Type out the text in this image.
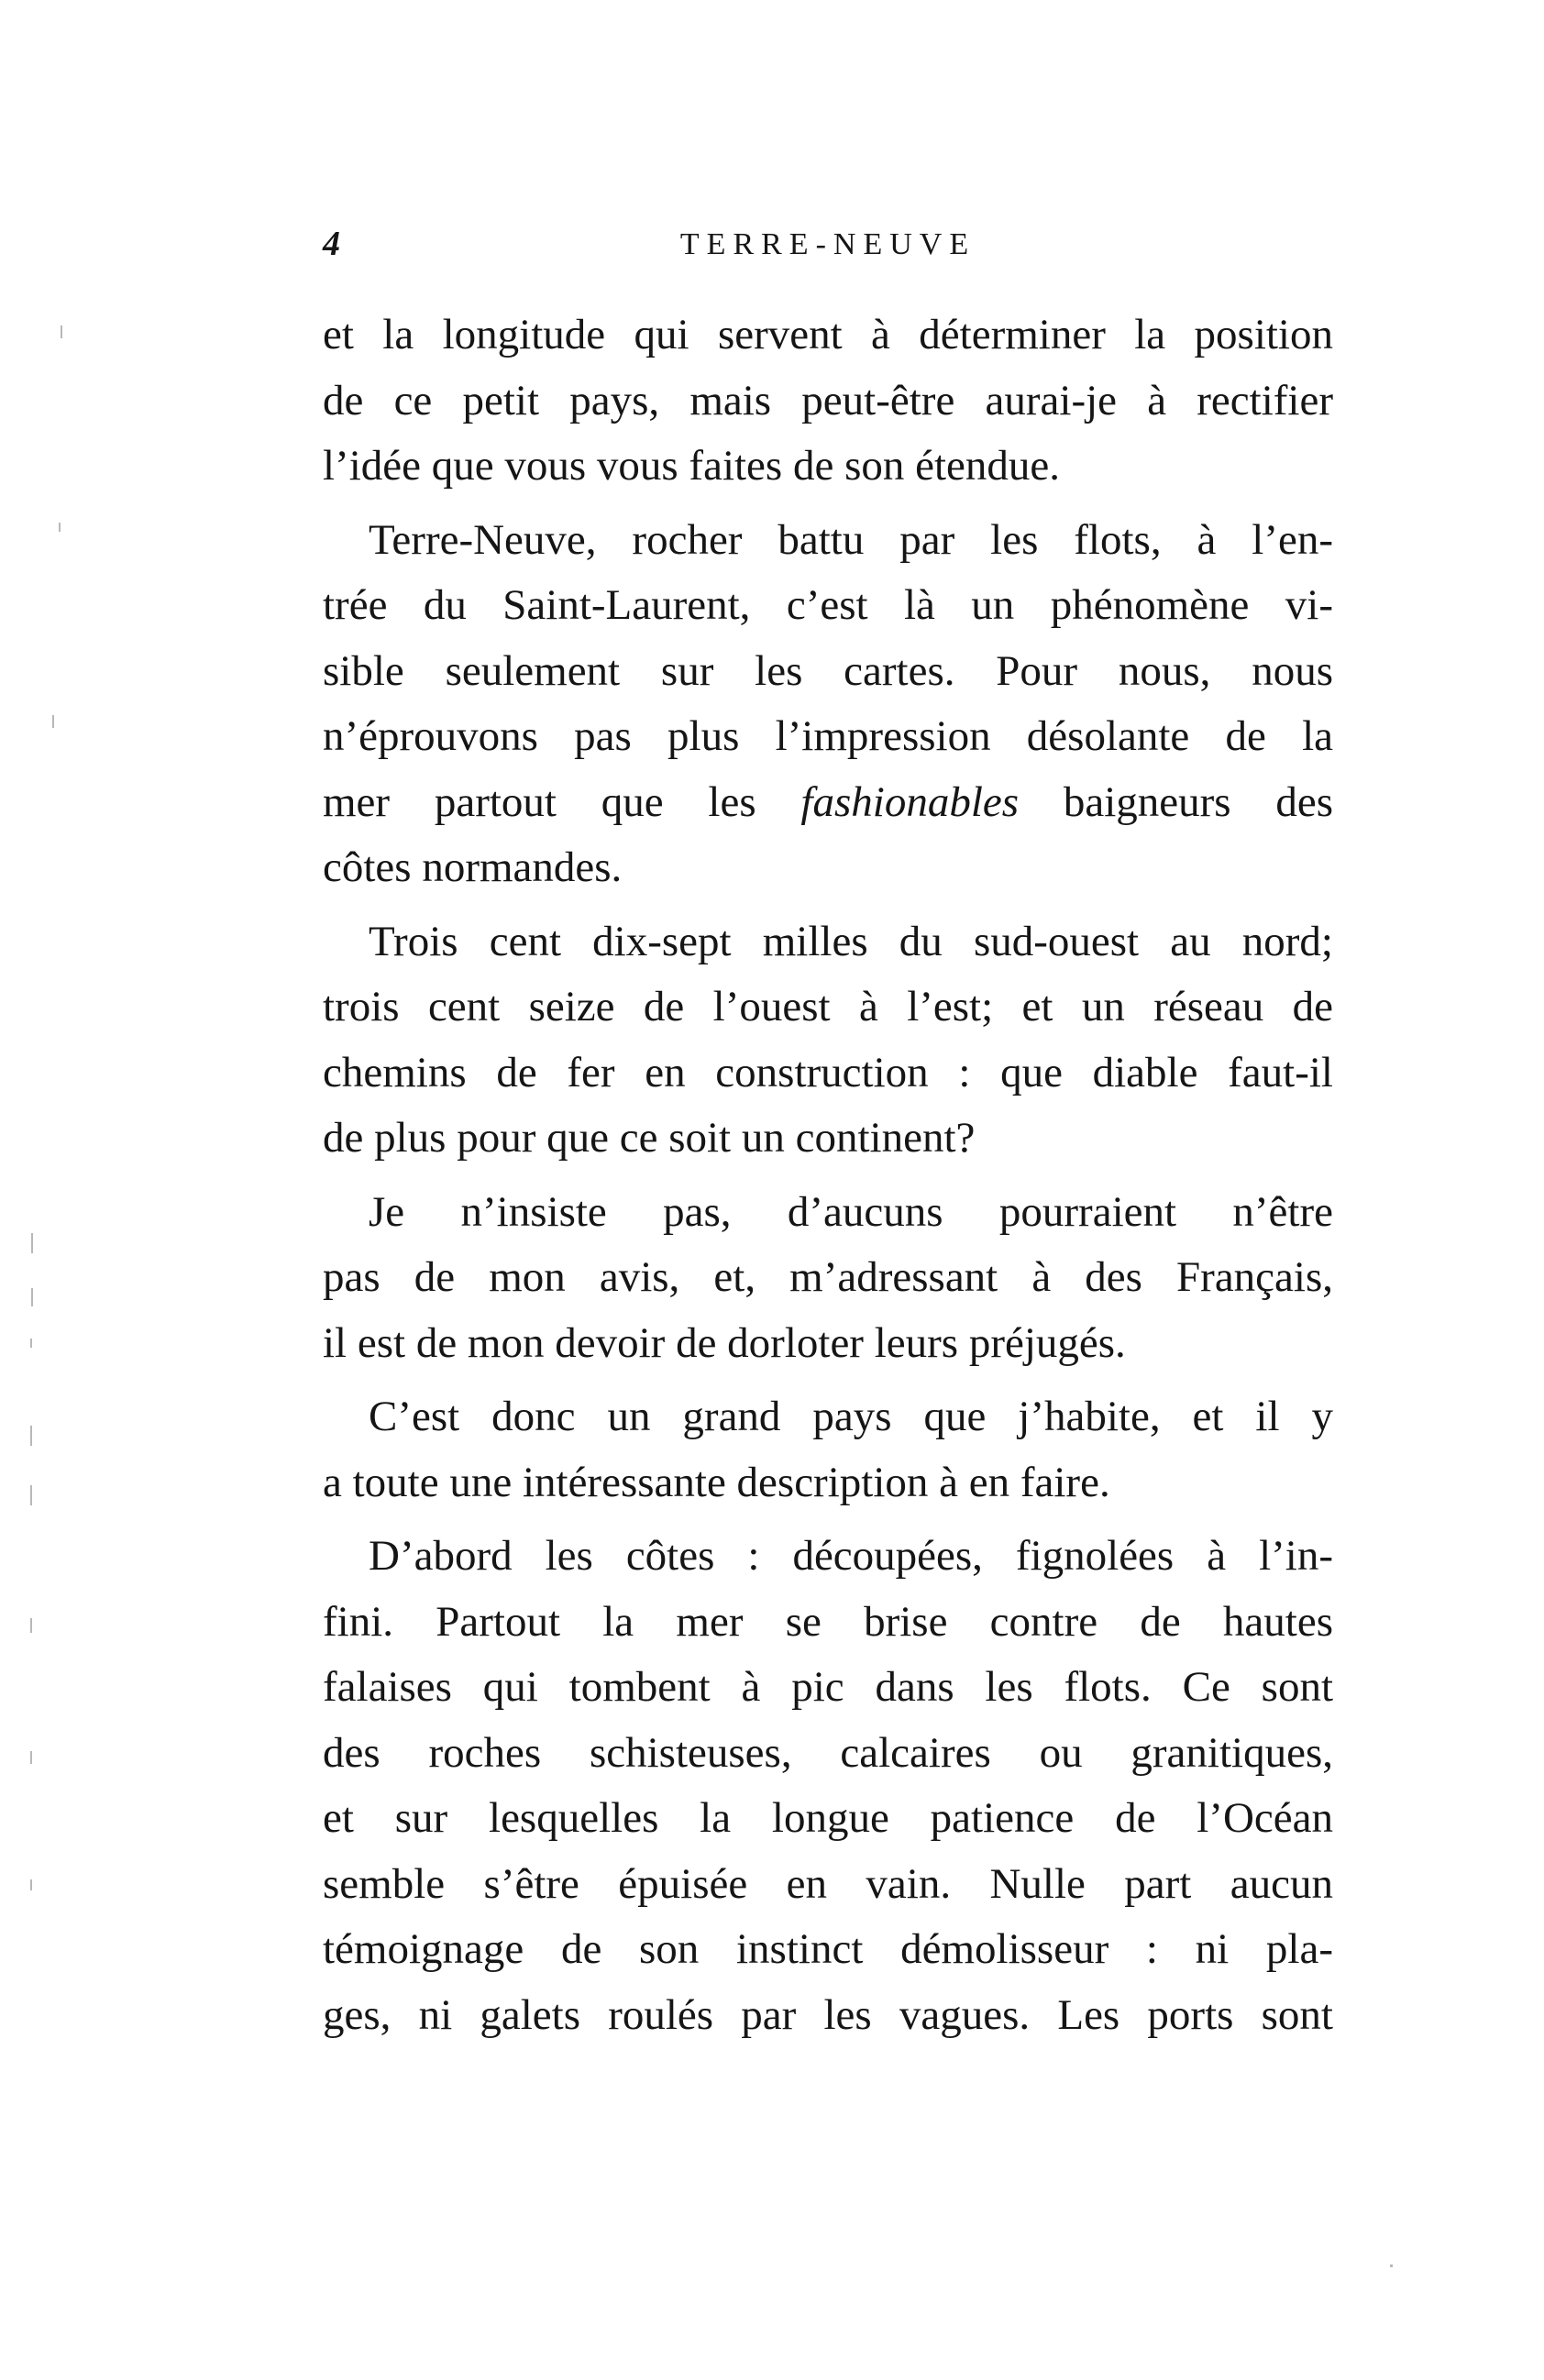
4	TERRE-NEUVE

et la longitude qui servent à déterminer la position
de ce petit pays, mais peut-être aurai-je à rectifier
l’idée que vous vous faites de son étendue.

Terre-Neuve, rocher battu par les flots, à l’en-
trée du Saint-Laurent, c’est là un phénomène vi-
sible seulement sur les cartes. Pour nous, nous
n’éprouvons pas plus l’impression désolante de la
mer partout que les fashionables baigneurs des
côtes normandes.

Trois cent dix-sept milles du sud-ouest au nord;
trois cent seize de l’ouest à l’est; et un réseau de
chemins de fer en construction : que diable faut-il
de plus pour que ce soit un continent?

Je n’insiste pas, d’aucuns pourraient n’être
pas de mon avis, et, m’adressant à des Français,
il est de mon devoir de dorloter leurs préjugés.

C’est donc un grand pays que j’habite, et il y
a toute une intéressante description à en faire.

D’abord les côtes : découpées, fignolées à l’in-
fini. Partout la mer se brise contre de hautes
falaises qui tombent à pic dans les flots. Ce sont
des roches schisteuses, calcaires ou granitiques,
et sur lesquelles la longue patience de l’Océan
semble s’être épuisée en vain. Nulle part aucun
témoignage de son instinct démolisseur : ni pla-
ges, ni galets roulés par les vagues. Les ports sont
